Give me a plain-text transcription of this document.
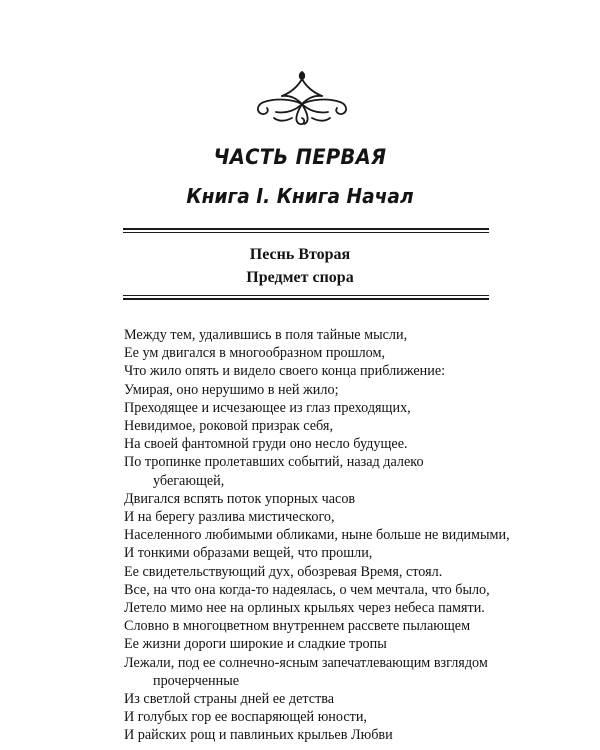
ЧАСТЬ ПЕРВАЯ
Книга I. Книга Начал
Песнь Вторая
Предмет спора
Между тем, удалившись в поля тайные мысли,
Ее ум двигался в многообразном прошлом,
Что жило опять и видело своего конца приближение:
Умирая, оно нерушимо в ней жило;
Преходящее и исчезающее из глаз преходящих,
Невидимое, роковой призрак себя,
На своей фантомной груди оно несло будущее.
По тропинке пролетавших событий, назад далеко
убегающей,
Двигался вспять поток упорных часов
И на берегу разлива мистического,
Населенного любимыми обликами, ныне больше не видимыми,
И тонкими образами вещей, что прошли,
Ее свидетельствующий дух, обозревая Время, стоял.
Все, на что она когда-то надеялась, о чем мечтала, что было,
Летело мимо нее на орлиных крыльях через небеса памяти.
Словно в многоцветном внутреннем рассвете пылающем
Ее жизни дороги широкие и сладкие тропы
Лежали, под ее солнечно-ясным запечатлевающим взглядом
прочерченные
Из светлой страны дней ее детства
И голубых гор ее воспаряющей юности,
И райских рощ и павлиньих крыльев Любви
